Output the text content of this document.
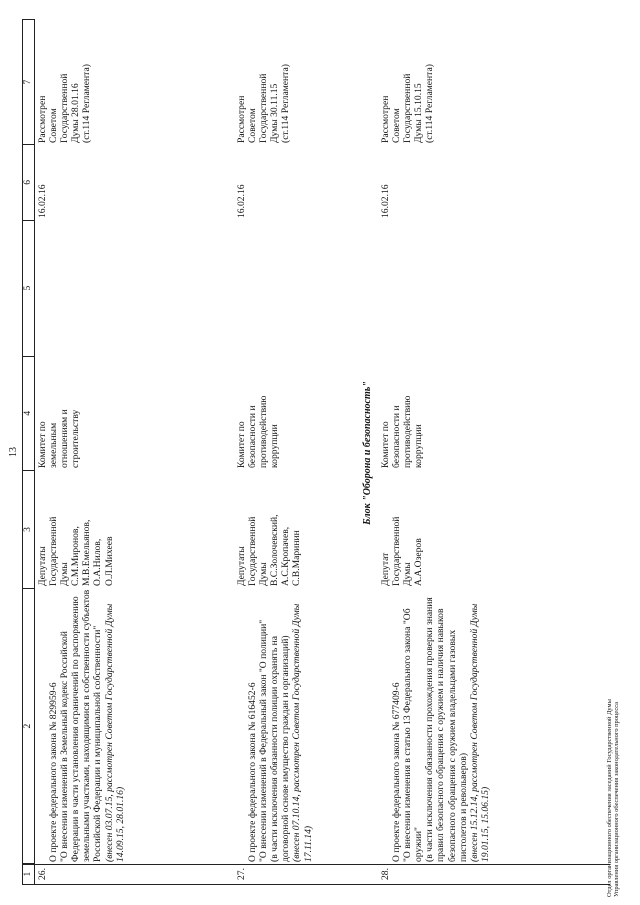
13
1
2
3
4
5
6
7
26.

О проекте федерального закона № 829959-6
"О внесении изменений в Земельный кодекс Российской Федерации в части установления ограничений по распоряжению земельными участками, находящимися в собственности субъектов Российской Федерации и муниципальной собственности" (внесен 03.07.15, рассмотрен Советом Государственной Думы 14.09.15, 28.01.16)

Депутаты
Государственной
Думы
С.М.Миронов,
М.В.Емельянов,
О.А.Нилов,
О.Л.Михеев
Комитет по
земельным
отношениям и
строительству
16.02.16
Рассмотрен
Советом
Государственной
Думы 28.01.16
(ст.114 Регламента)
Блок "Оборона и безопасность"
27.

О проекте федерального закона № 616452-6
"О внесении изменений в Федеральный закон "О полиции"
(в части исключения обязанности полиции охранять на договорной основе имущество граждан и организаций) (внесен 07.10.14, рассмотрен Советом Государственной Думы 17.11.14)

Депутаты
Государственной
Думы
В.С.Золочевский,
А.С.Кропачев,
С.В.Маринин
Комитет по
безопасности и
противодействию
коррупции
16.02.16
Рассмотрен
Советом
Государственной
Думы 30.11.15
(ст.114 Регламента)
28.

О проекте федерального закона № 677409-6
"О внесении изменения в статью 13 Федерального закона "Об оружии"
(в части исключения обязанности прохождения проверки знания правил безопасного обращения с оружием и наличия навыков безопасного обращения с оружием владельцами газовых пистолетов и револьверов) (внесен 15.12.14, рассмотрен Советом Государственной Думы 19.01.15, 15.06.15)

Депутат
Государственной
Думы
А.А.Озеров
Комитет по
безопасности и
противодействию
коррупции
16.02.16
Рассмотрен
Советом
Государственной
Думы 15.10.15
(ст.114 Регламента)
Отдел организационного обеспечения заседаний Государственной Думы
Управления организационного обеспечения законодательного процесса
